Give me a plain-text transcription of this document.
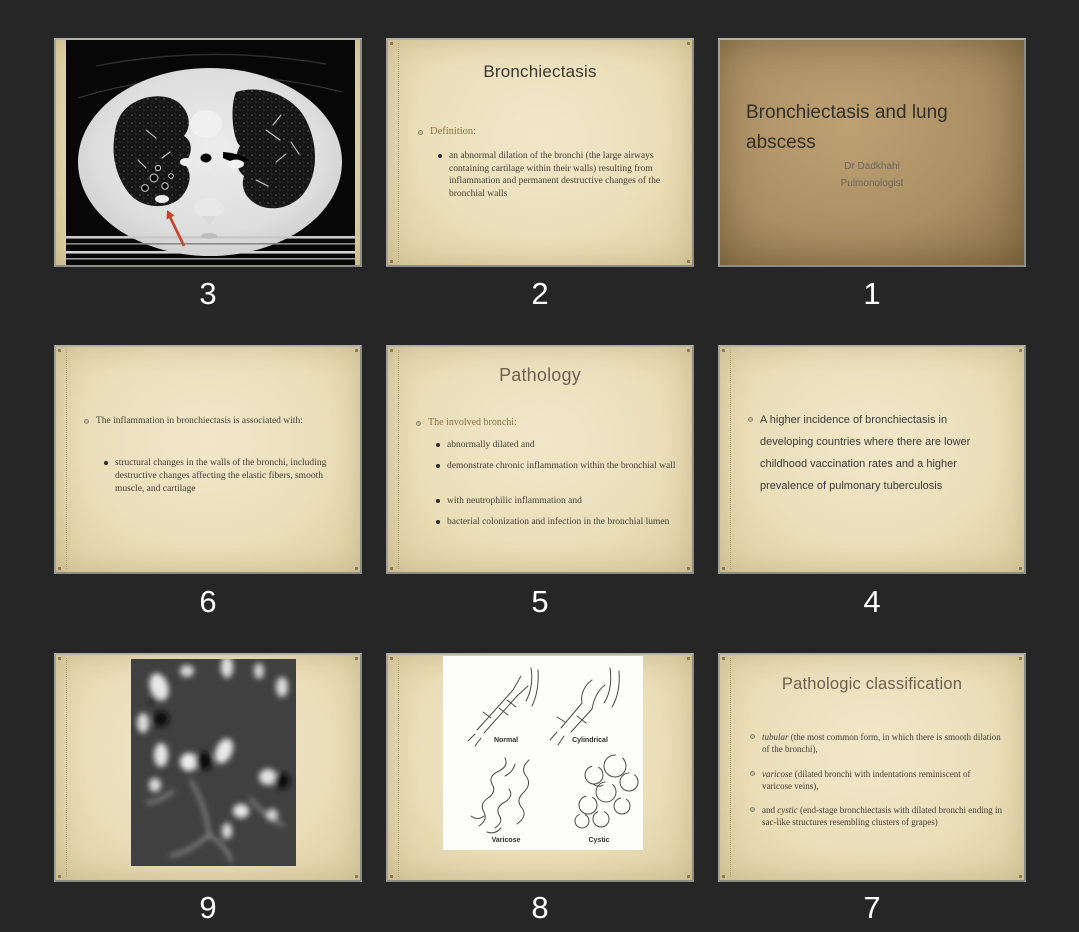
3
Bronchiectasis
Definition:
an abnormal dilation of the bronchi (the large airways containing cartilage within their walls) resulting from inflammation and permanent destructive changes of the bronchial walls
2
Bronchiectasis and lung abscess
Dr Dadkhahi
Pulmonologist
1
The inflammation in bronchiectasis is associated with:
structural changes in the walls of the bronchi, including destructive changes affecting the elastic fibers, smooth muscle, and cartilage
6
Pathology
The involved bronchi:
abnormally dilated and
demonstrate chronic inflammation within the bronchial wall
with neutrophilic inflammation and
bacterial colonization and infection in the bronchial lumen
5
A higher incidence of bronchiectasis in developing countries where there are lower childhood vaccination rates and a higher prevalence of pulmonary tuberculosis
4
9
Normal	Cylindrical
Varicose	Cystic
8
Pathologic classification
tubular (the most common form, in which there is smooth dilation of the bronchi),
varicose (dilated bronchi with indentations reminiscent of varicose veins),
and cystic (end-stage bronchiectasis with dilated bronchi ending in sac-like structures resembling clusters of grapes)
7
